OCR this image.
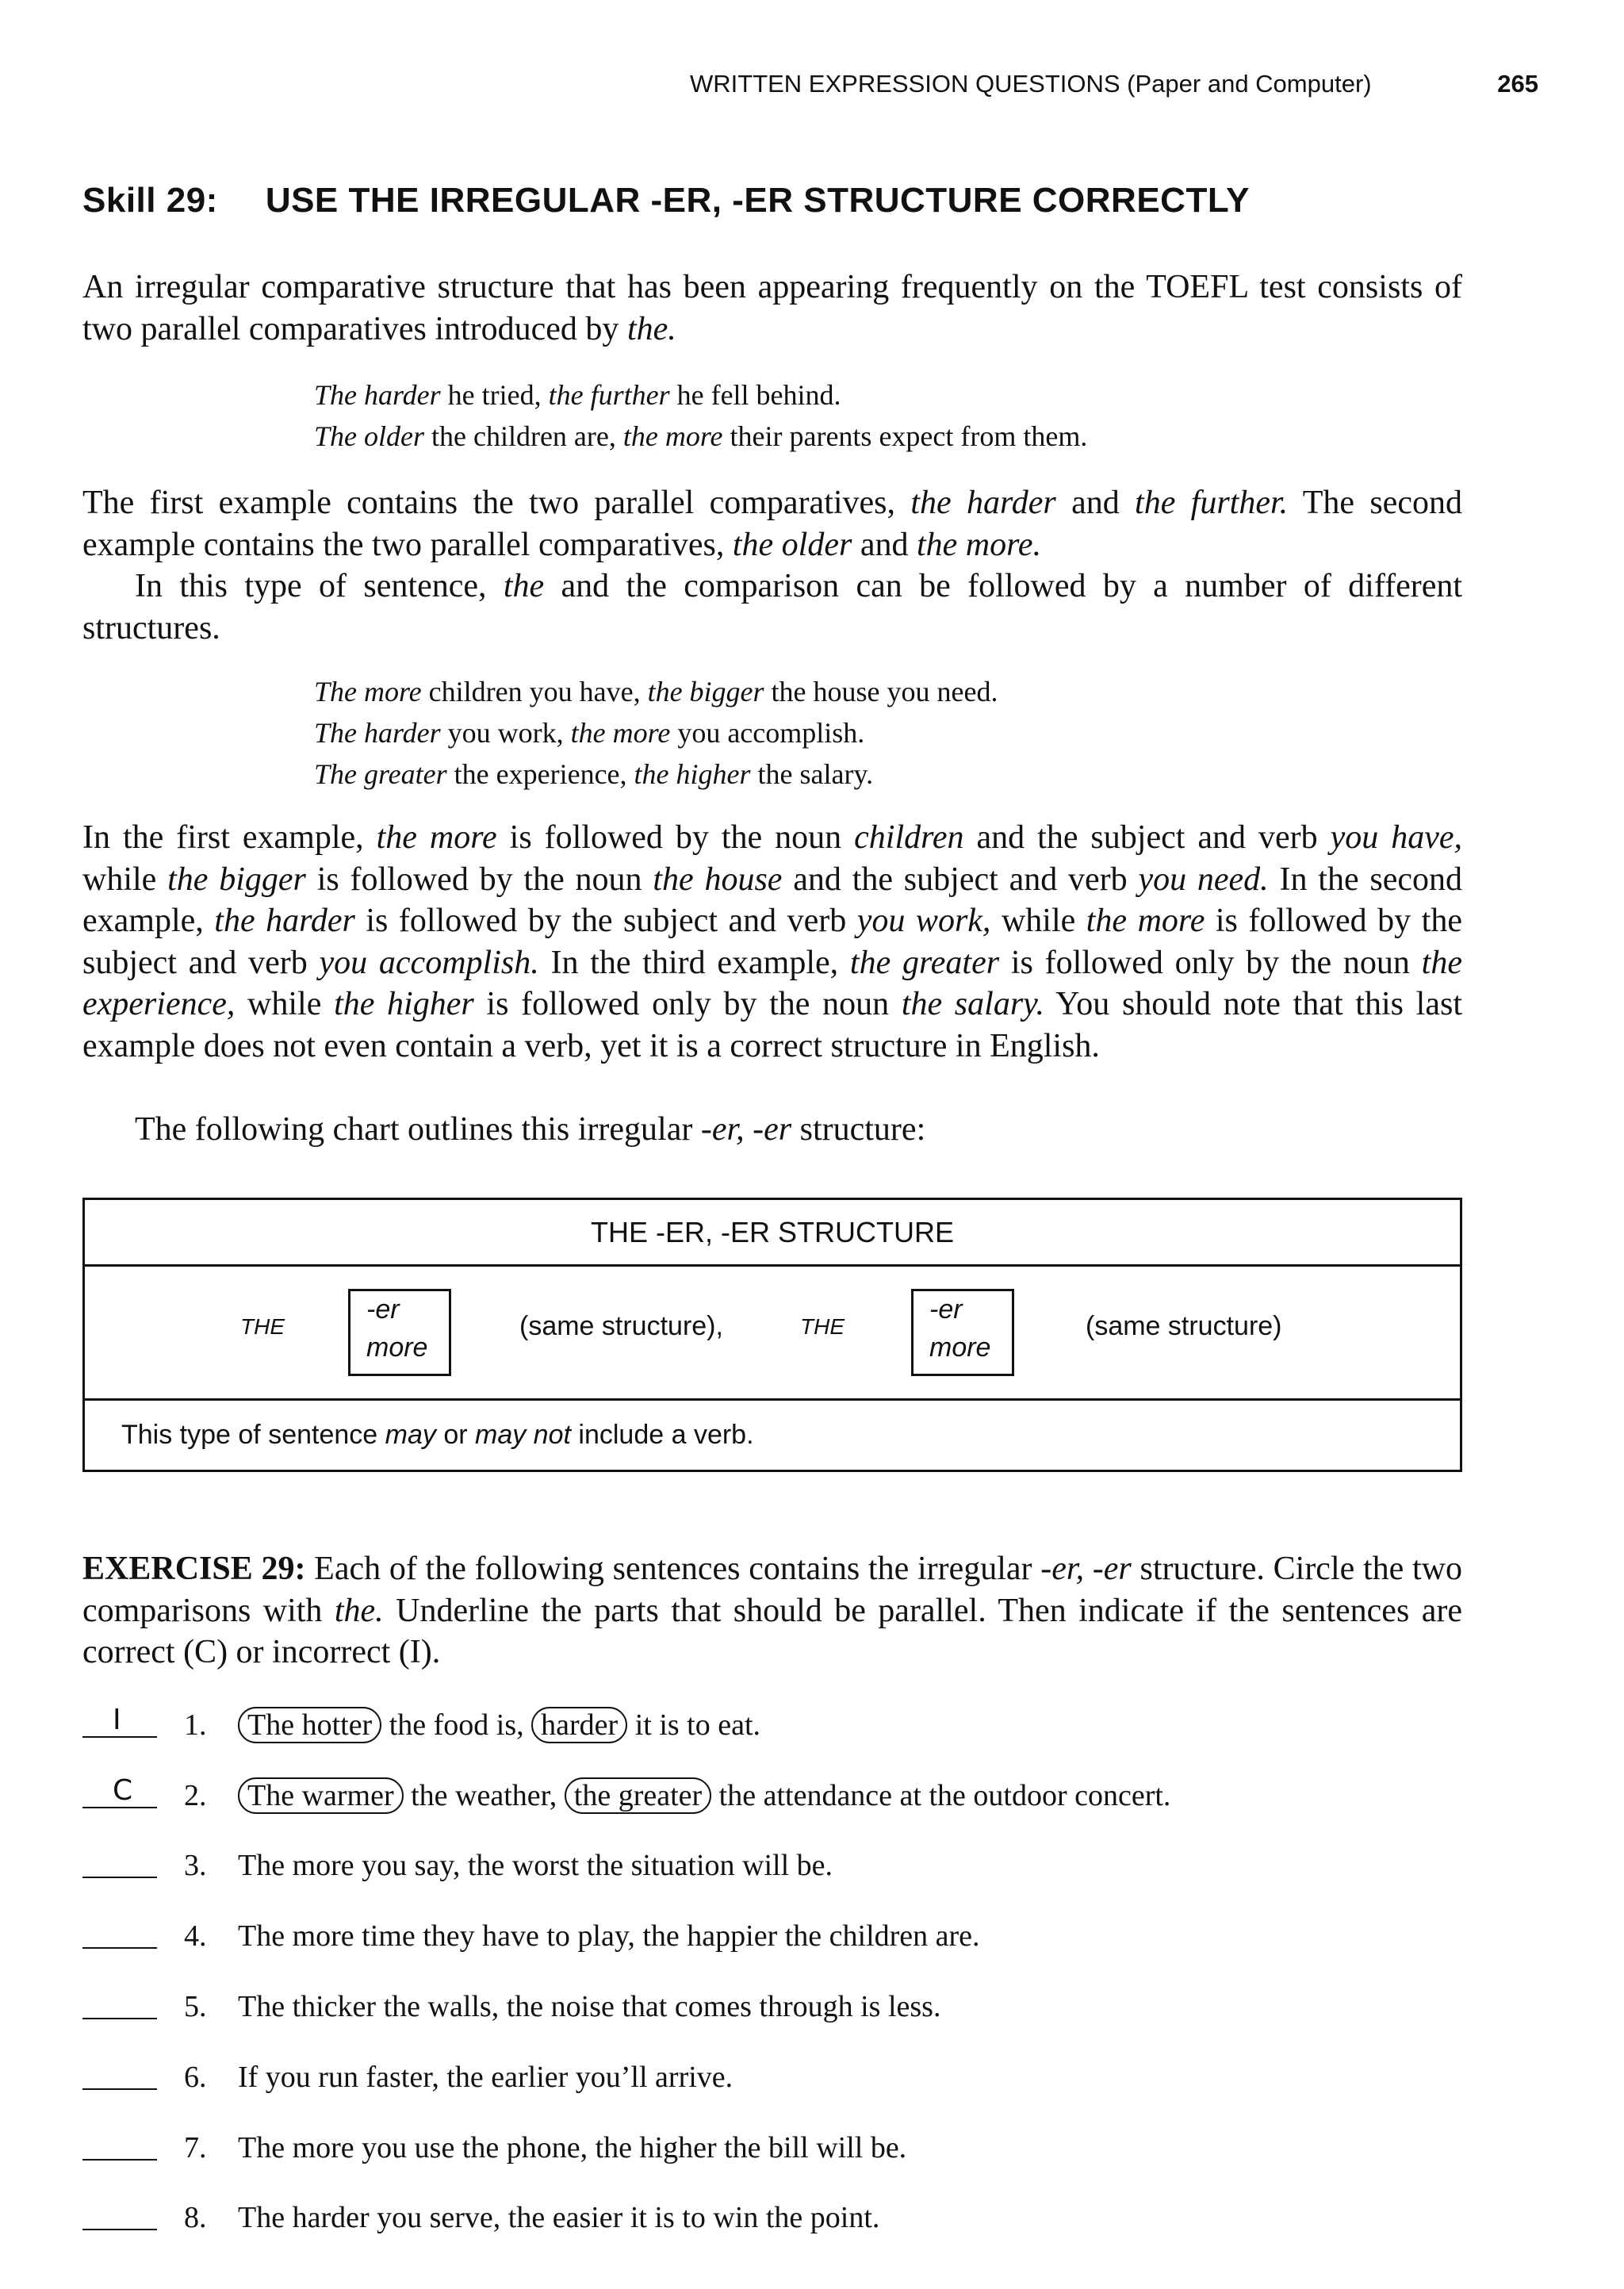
WRITTEN EXPRESSION QUESTIONS (Paper and Computer)	265
Skill 29: USE THE IRREGULAR -ER, -ER STRUCTURE CORRECTLY

An irregular comparative structure that has been appearing frequently on the TOEFL test consists of two parallel comparatives introduced by the.

The harder he tried, the further he fell behind.
The older the children are, the more their parents expect from them.

The first example contains the two parallel comparatives, the harder and the further. The second example contains the two parallel comparatives, the older and the more.
In this type of sentence, the and the comparison can be followed by a number of different structures.

The more children you have, the bigger the house you need.
The harder you work, the more you accomplish.
The greater the experience, the higher the salary.

In the first example, the more is followed by the noun children and the subject and verb you have, while the bigger is followed by the noun the house and the subject and verb you need. In the second example, the harder is followed by the subject and verb you work, while the more is followed by the subject and verb you accomplish. In the third example, the greater is followed only by the noun the experience, while the higher is followed only by the noun the salary. You should note that this last example does not even contain a verb, yet it is a correct structure in English.

The following chart outlines this irregular -er, -er structure:

THE -ER, -ER STRUCTURE
THE
-er
more
(same structure),	THE
-er
more
(same structure)
This type of sentence may or may not include a verb.

EXERCISE 29: Each of the following sentences contains the irregular -er, -er structure. Circle the two comparisons with the. Underline the parts that should be parallel. Then indicate if the sentences are correct (C) or incorrect (I).

I 1.	The hotter the food is, harder it is to eat.
C 2.	The warmer the weather, the greater the attendance at the outdoor concert.
3. The more you say, the worst the situation will be.
4. The more time they have to play, the happier the children are.
5. The thicker the walls, the noise that comes through is less.
6. If you run faster, the earlier you’ll arrive.
7. The more you use the phone, the higher the bill will be.
8. The harder you serve, the easier it is to win the point.
